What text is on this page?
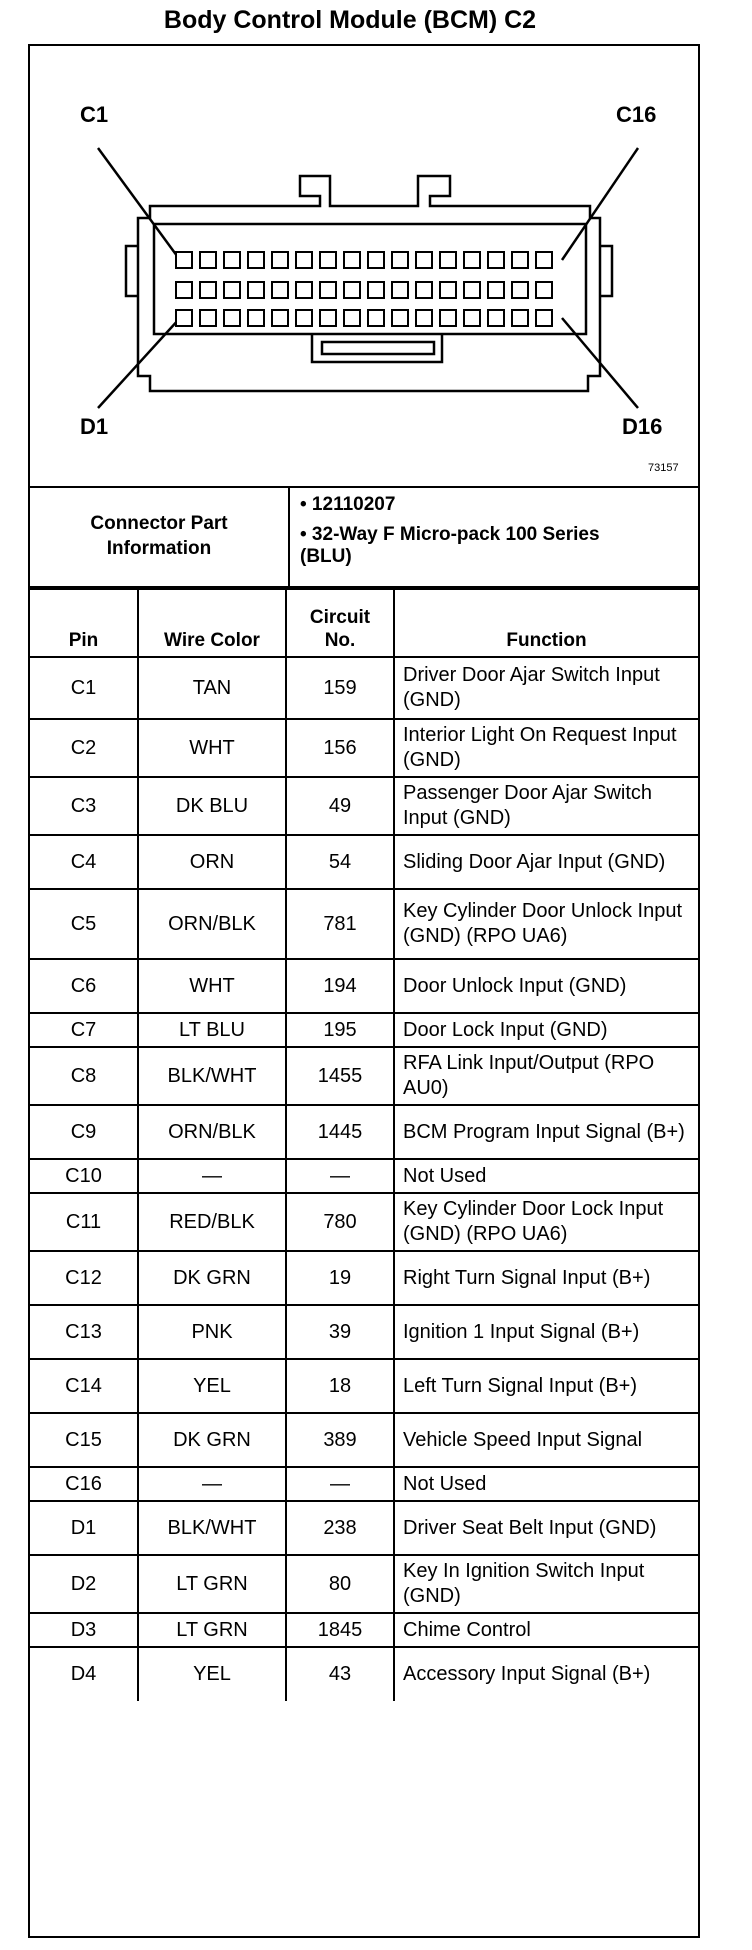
Body Control Module (BCM) C2
C1	C16
D1	D16
73157
Connector Part Information
• 12110207
• 32-Way F Micro-pack 100 Series (BLU)
Pin	Wire Color	Circuit No.	Function
C1	TAN	159	Driver Door Ajar Switch Input (GND)
C2	WHT	156	Interior Light On Request Input (GND)
C3	DK BLU	49	Passenger Door Ajar Switch Input (GND)
C4	ORN	54	Sliding Door Ajar Input (GND)
C5	ORN/BLK	781	Key Cylinder Door Unlock Input (GND) (RPO UA6)
C6	WHT	194	Door Unlock Input (GND)
C7	LT BLU	195	Door Lock Input (GND)
C8	BLK/WHT	1455	RFA Link Input/Output (RPO AU0)
C9	ORN/BLK	1445	BCM Program Input Signal (B+)
C10	—	—	Not Used
C11	RED/BLK	780	Key Cylinder Door Lock Input (GND) (RPO UA6)
C12	DK GRN	19	Right Turn Signal Input (B+)
C13	PNK	39	Ignition 1 Input Signal (B+)
C14	YEL	18	Left Turn Signal Input (B+)
C15	DK GRN	389	Vehicle Speed Input Signal
C16	—	—	Not Used
D1	BLK/WHT	238	Driver Seat Belt Input (GND)
D2	LT GRN	80	Key In Ignition Switch Input (GND)
D3	LT GRN	1845	Chime Control
D4	YEL	43	Accessory Input Signal (B+)
